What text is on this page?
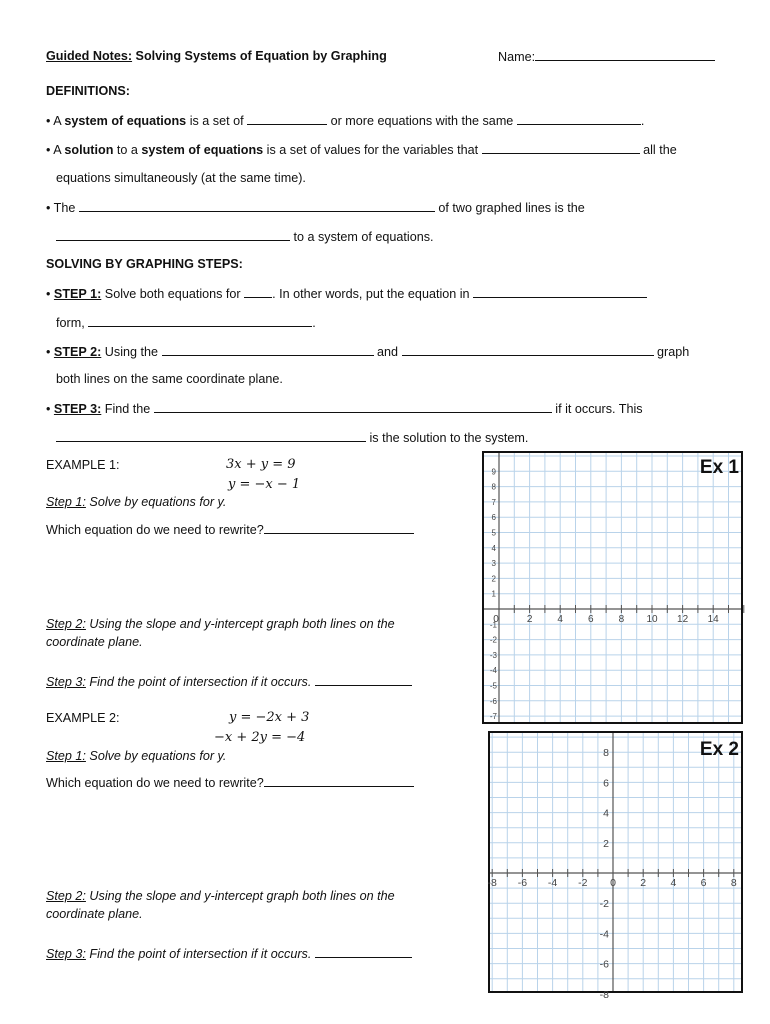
Guided Notes: Solving Systems of Equation by Graphing	Name:
DEFINITIONS:
• A system of equations is a set of	or more equations with the same	.
• A solution to a system of equations is a set of values for the variables that	all the
equations simultaneously (at the same time).
• The	of two graphed lines is the
to a system of equations.
SOLVING BY GRAPHING STEPS:
• STEP 1: Solve both equations for . In other words, put the equation in
form,	.
• STEP 2: Using the	and	graph
both lines on the same coordinate plane.
• STEP 3: Find the	if it occurs. This
is the solution to the system.
EXAMPLE 1:	3x + y = 9
y = −x − 1
Step 1: Solve by equations for y.
Which equation do we need to rewrite?
Step 2: Using the slope and y-intercept graph both lines on the
coordinate plane.
Step 3: Find the point of intersection if it occurs.
EXAMPLE 2:	y = −2x + 3
−x + 2y = −4
Step 1: Solve by equations for y.
Which equation do we need to rewrite?
Step 2: Using the slope and y-intercept graph both lines on the
coordinate plane.
Step 3: Find the point of intersection if it occurs.
0	2	4	6	8 10 12 14
9
8
7
6
5
4
3
2
1
-1
-2
-3
-4
-5
-6
-7
Ex 1
-8 -6 -4 -2 0 2 4 6 8
8
6
4
2
-2
-4
-6
-8
Ex 2
